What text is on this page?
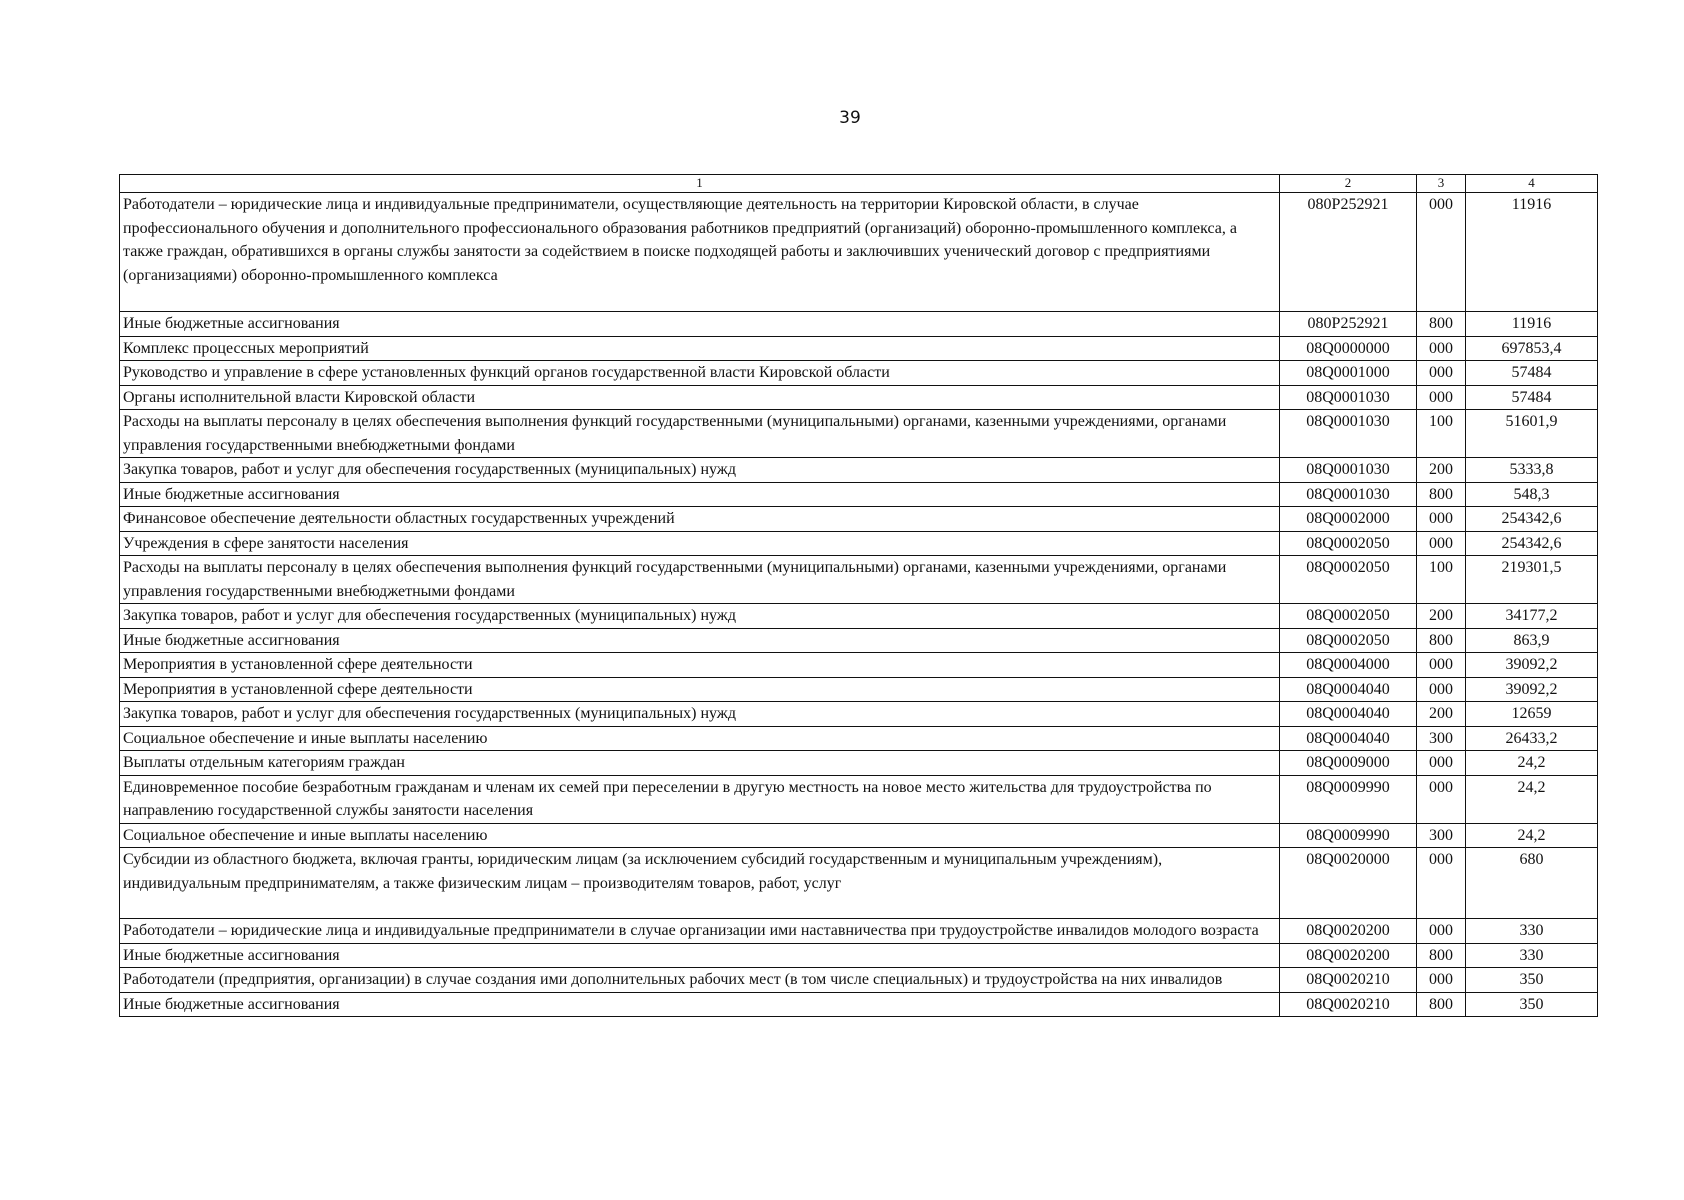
39
1	2	3	4
Работодатели – юридические лица и индивидуальные предприниматели, осуществляющие деятельность на территории Кировской области, в случае профессионального обучения и дополнительного профессионального образования работников предприятий (организаций) оборонно-промышленного комплекса, а также граждан, обратившихся в органы службы занятости за содействием в поиске подходящей работы и заключивших ученический договор с предприятиями (организациями) оборонно-промышленного комплекса	080Р252921	000	11916
Иные бюджетные ассигнования	080Р252921	800	11916
Комплекс процессных мероприятий	08Q0000000	000	697853,4
Руководство и управление в сфере установленных функций органов государственной власти Кировской области	08Q0001000	000	57484
Органы исполнительной власти Кировской области	08Q0001030	000	57484
Расходы на выплаты персоналу в целях обеспечения выполнения функций государственными (муниципальными) органами, казенными учреждениями, органами управления государственными внебюджетными фондами	08Q0001030	100	51601,9
Закупка товаров, работ и услуг для обеспечения государственных (муниципальных) нужд	08Q0001030	200	5333,8
Иные бюджетные ассигнования	08Q0001030	800	548,3
Финансовое обеспечение деятельности областных государственных учреждений	08Q0002000	000	254342,6
Учреждения в сфере занятости населения	08Q0002050	000	254342,6
Расходы на выплаты персоналу в целях обеспечения выполнения функций государственными (муниципальными) органами, казенными учреждениями, органами управления государственными внебюджетными фондами	08Q0002050	100	219301,5
Закупка товаров, работ и услуг для обеспечения государственных (муниципальных) нужд	08Q0002050	200	34177,2
Иные бюджетные ассигнования	08Q0002050	800	863,9
Мероприятия в установленной сфере деятельности	08Q0004000	000	39092,2
Мероприятия в установленной сфере деятельности	08Q0004040	000	39092,2
Закупка товаров, работ и услуг для обеспечения государственных (муниципальных) нужд	08Q0004040	200	12659
Социальное обеспечение и иные выплаты населению	08Q0004040	300	26433,2
Выплаты отдельным категориям граждан	08Q0009000	000	24,2
Единовременное пособие безработным гражданам и членам их семей при переселении в другую местность на новое место жительства для трудоустройства по направлению государственной службы занятости населения	08Q0009990	000	24,2
Социальное обеспечение и иные выплаты населению	08Q0009990	300	24,2
Субсидии из областного бюджета, включая гранты, юридическим лицам (за исключением субсидий государственным и муниципальным учреждениям), индивидуальным предпринимателям, а также физическим лицам – производителям товаров, работ, услуг	08Q0020000	000	680
Работодатели – юридические лица и индивидуальные предприниматели в случае организации ими наставничества при трудоустройстве инвалидов молодого возраста	08Q0020200	000	330
Иные бюджетные ассигнования	08Q0020200	800	330
Работодатели (предприятия, организации) в случае создания ими дополнительных рабочих мест (в том числе специальных) и трудоустройства на них инвалидов	08Q0020210	000	350
Иные бюджетные ассигнования	08Q0020210	800	350
